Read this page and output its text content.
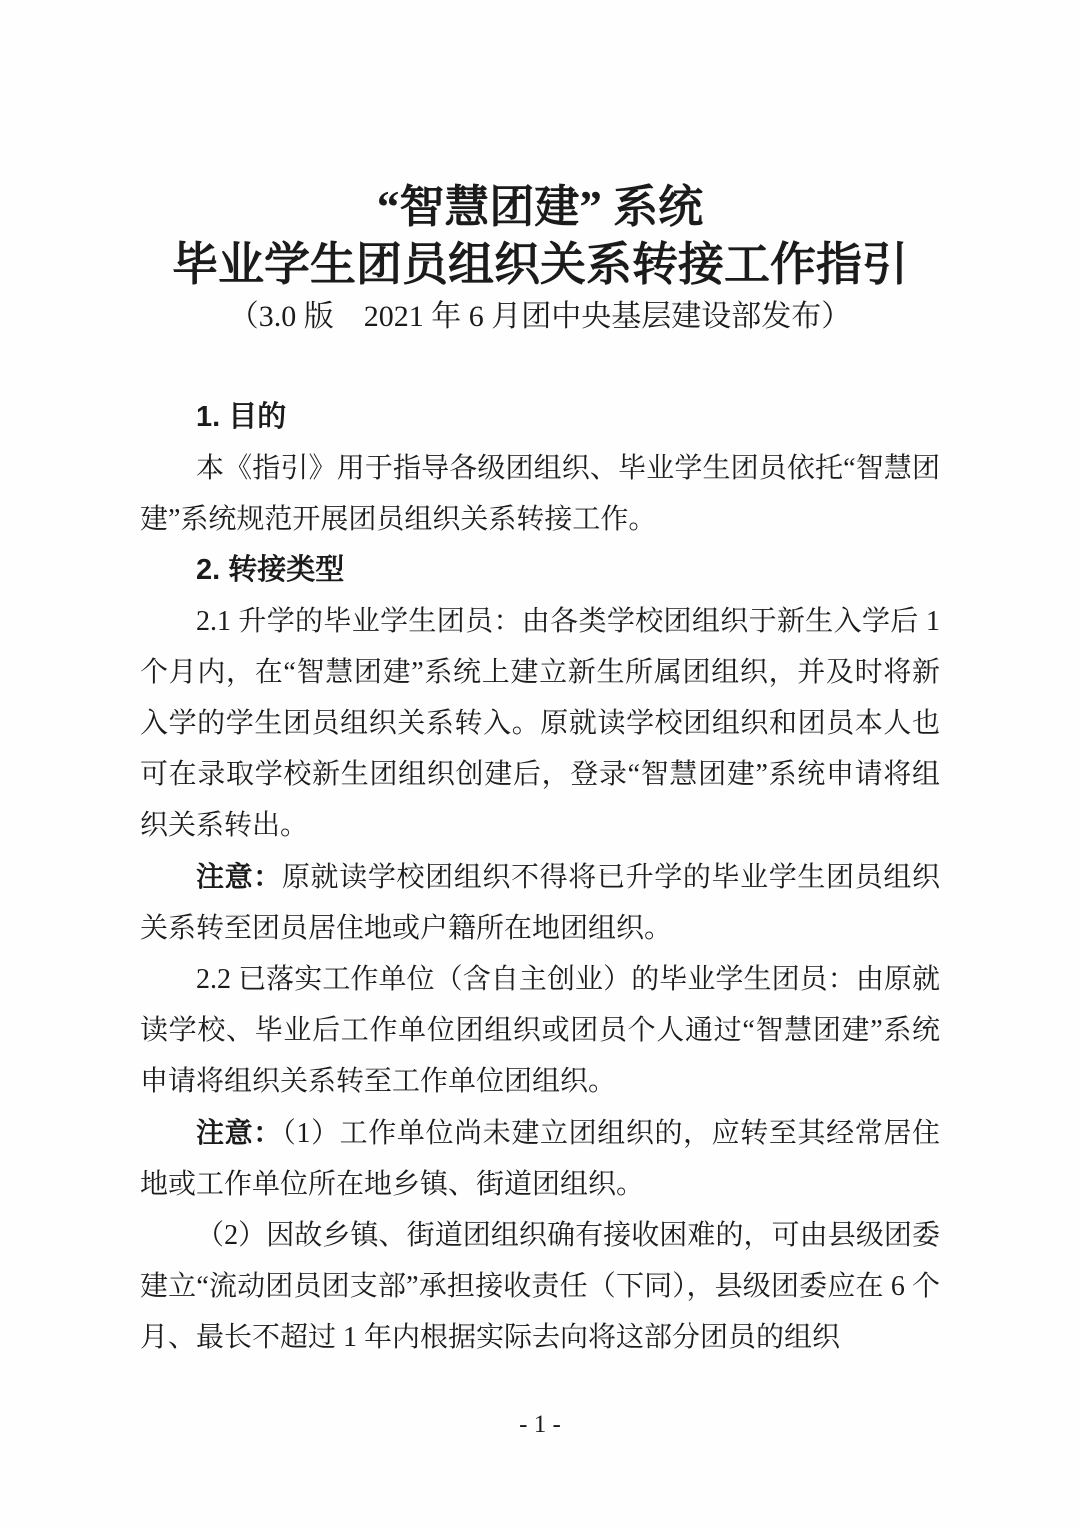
“智慧团建” 系统
毕业学生团员组织关系转接工作指引

（3.0 版　2021 年 6 月团中央基层建设部发布）

1. 目的

本《指引》用于指导各级团组织、毕业学生团员依托“智慧团建”系统规范开展团员组织关系转接工作。

2. 转接类型

2.1 升学的毕业学生团员：由各类学校团组织于新生入学后 1 个月内，在“智慧团建”系统上建立新生所属团组织，并及时将新入学的学生团员组织关系转入。原就读学校团组织和团员本人也可在录取学校新生团组织创建后，登录“智慧团建”系统申请将组织关系转出。

注意：原就读学校团组织不得将已升学的毕业学生团员组织关系转至团员居住地或户籍所在地团组织。

2.2 已落实工作单位（含自主创业）的毕业学生团员：由原就读学校、毕业后工作单位团组织或团员个人通过“智慧团建”系统申请将组织关系转至工作单位团组织。

注意：（1）工作单位尚未建立团组织的，应转至其经常居住地或工作单位所在地乡镇、街道团组织。

（2）因故乡镇、街道团组织确有接收困难的，可由县级团委建立“流动团员团支部”承担接收责任（下同），县级团委应在 6 个月、最长不超过 1 年内根据实际去向将这部分团员的组织

- 1 -
